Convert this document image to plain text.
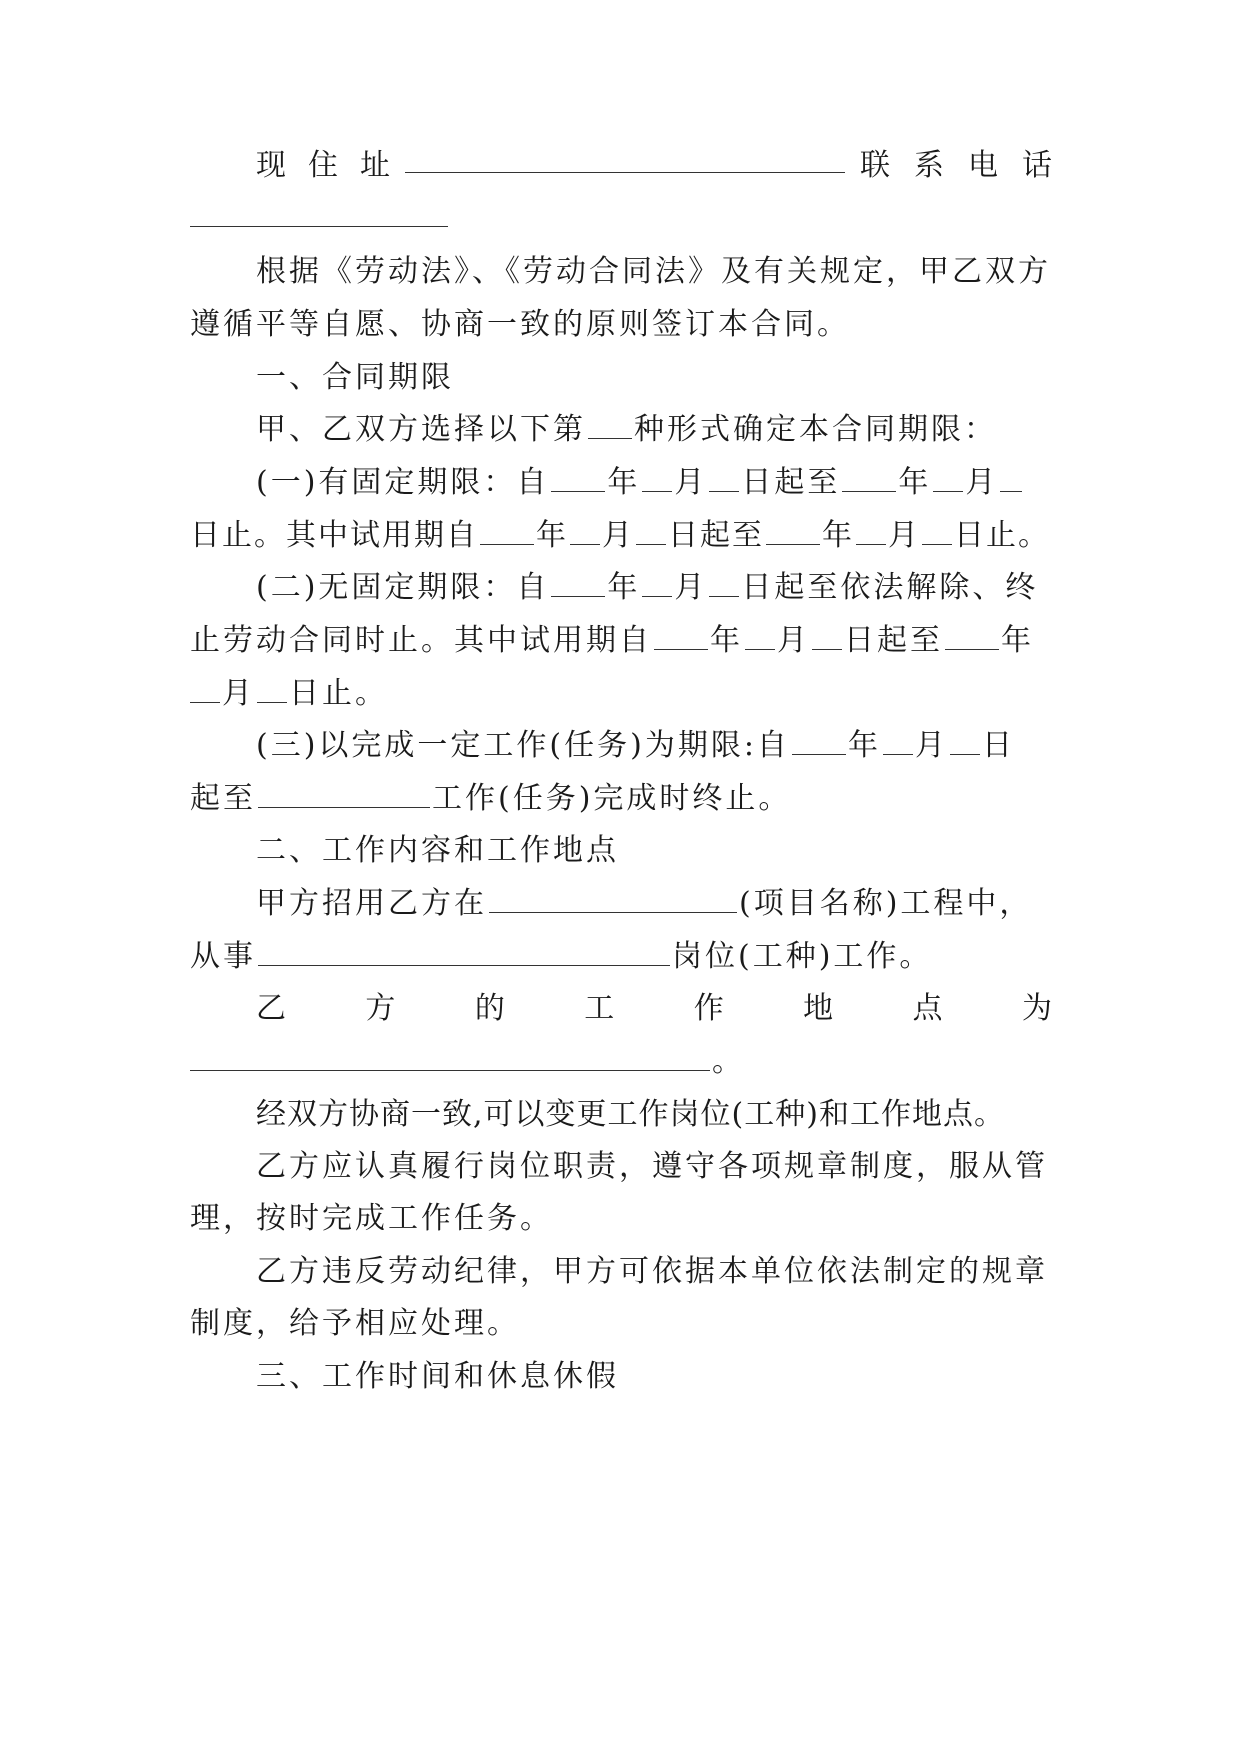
现 住 址	联 系 电 话
根据《劳动法》、《劳动合同法》及有关规定，甲乙双方
遵循平等自愿、协商一致的原则签订本合同。
一、合同期限
甲、乙双方选择以下第 种形式确定本合同期限：
(一)有固定期限：自 年 月 日起至 年 月
日止。其中试用期自 年 月 日起至 年 月 日止。
(二)无固定期限：自 年 月 日起至依法解除、终
止劳动合同时止。其中试用期自 年 月 日起至 年
月 日止。
(三)以完成一定工作(任务)为期限:自 年 月 日
起至	工作(任务)完成时终止。
二、工作内容和工作地点
甲方招用乙方在	(项目名称)工程中，
从事	岗位(工种)工作。
乙	方	的	工	作	地	点	为
。
经双方协商一致,可以变更工作岗位(工种)和工作地点。
乙方应认真履行岗位职责，遵守各项规章制度，服从管
理，按时完成工作任务。
乙方违反劳动纪律，甲方可依据本单位依法制定的规章
制度，给予相应处理。
三、工作时间和休息休假
